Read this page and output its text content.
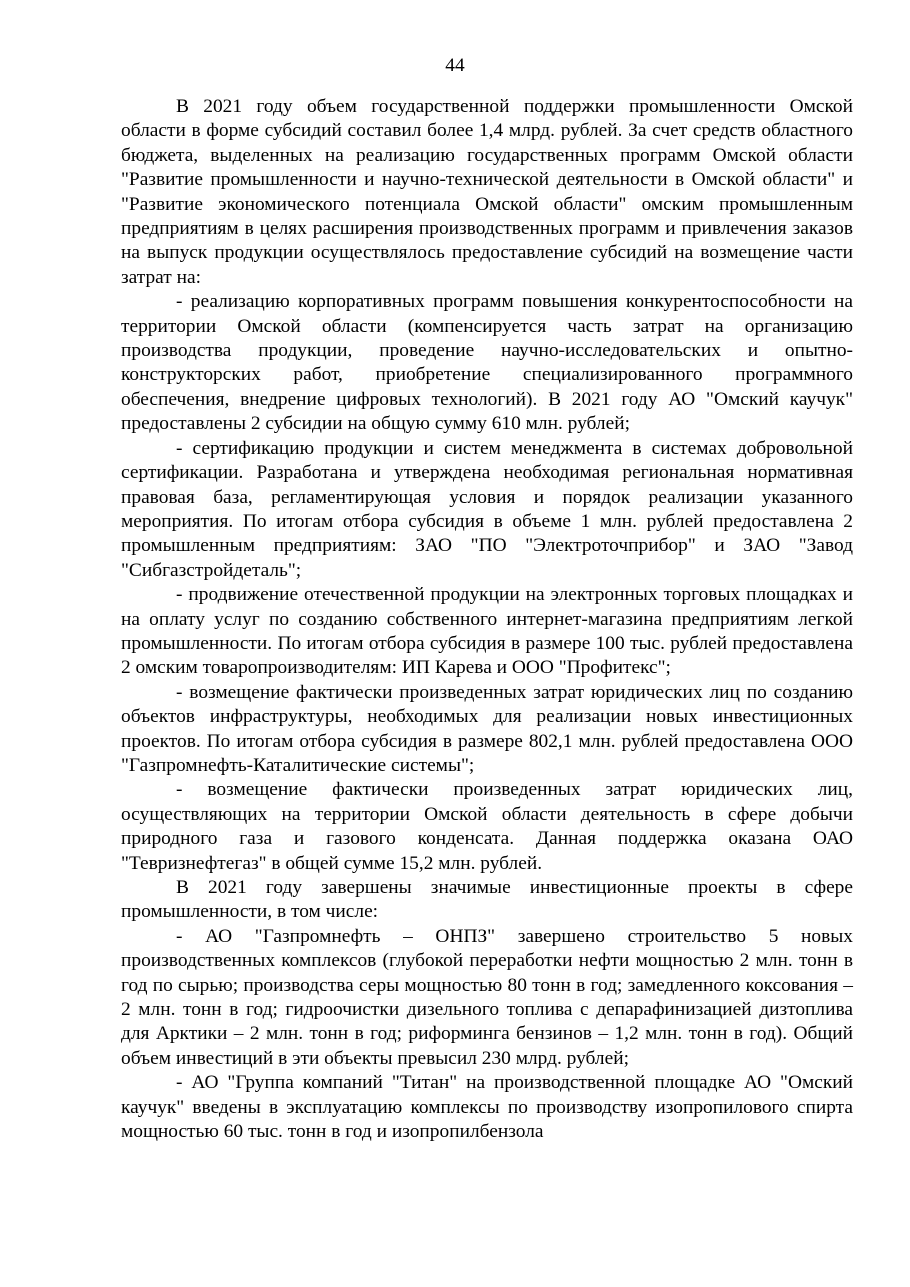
44

В 2021 году объем государственной поддержки промышленности Омской области в форме субсидий составил более 1,4 млрд. рублей. За счет средств областного бюджета, выделенных на реализацию государственных программ Омской области "Развитие промышленности и научно-технической деятельности в Омской области" и "Развитие экономического потенциала Омской области" омским промышленным предприятиям в целях расширения производственных программ и привлечения заказов на выпуск продукции осуществлялось предоставление субсидий на возмещение части затрат на:

- реализацию корпоративных программ повышения конкурентоспособности на территории Омской области (компенсируется часть затрат на организацию производства продукции, проведение научно-исследовательских и опытно-конструкторских работ, приобретение специализированного программного обеспечения, внедрение цифровых технологий). В 2021 году АО "Омский каучук" предоставлены 2 субсидии на общую сумму 610 млн. рублей;

- сертификацию продукции и систем менеджмента в системах добровольной сертификации. Разработана и утверждена необходимая региональная нормативная правовая база, регламентирующая условия и порядок реализации указанного мероприятия. По итогам отбора субсидия в объеме 1 млн. рублей предоставлена 2 промышленным предприятиям: ЗАО "ПО "Электроточприбор" и ЗАО "Завод "Сибгазстройдеталь";

- продвижение отечественной продукции на электронных торговых площадках и на оплату услуг по созданию собственного интернет-магазина предприятиям легкой промышленности. По итогам отбора субсидия в размере 100 тыс. рублей предоставлена 2 омским товаропроизводителям: ИП Карева и ООО "Профитекс";

- возмещение фактически произведенных затрат юридических лиц по созданию объектов инфраструктуры, необходимых для реализации новых инвестиционных проектов. По итогам отбора субсидия в размере 802,1 млн. рублей предоставлена ООО "Газпромнефть-Каталитические системы";

- возмещение фактически произведенных затрат юридических лиц, осуществляющих на территории Омской области деятельность в сфере добычи природного газа и газового конденсата. Данная поддержка оказана ОАО "Тевризнефтегаз" в общей сумме 15,2 млн. рублей.

В 2021 году завершены значимые инвестиционные проекты в сфере промышленности, в том числе:

- АО "Газпромнефть – ОНПЗ" завершено строительство 5 новых производственных комплексов (глубокой переработки нефти мощностью 2 млн. тонн в год по сырью; производства серы мощностью 80 тонн в год; замедленного коксования – 2 млн. тонн в год; гидроочистки дизельного топлива с депарафинизацией дизтоплива для Арктики – 2 млн. тонн в год; риформинга бензинов – 1,2 млн. тонн в год). Общий объем инвестиций в эти объекты превысил 230 млрд. рублей;

- АО "Группа компаний "Титан" на производственной площадке АО "Омский каучук" введены в эксплуатацию комплексы по производству изопропилового спирта мощностью 60 тыс. тонн в год и изопропилбензола
